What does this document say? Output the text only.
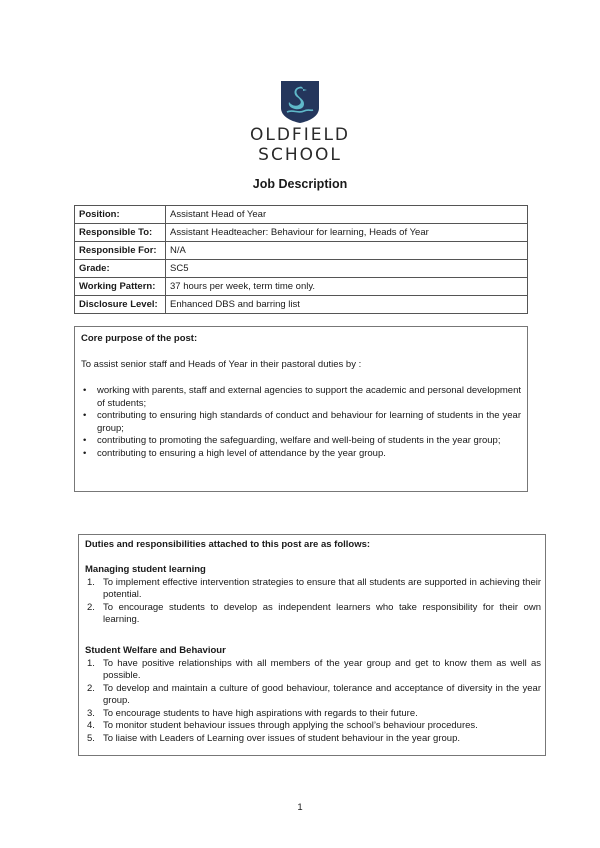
OLDFIELD
SCHOOL
Job Description
Position:	Assistant Head of Year
Responsible To:	Assistant Headteacher: Behaviour for learning, Heads of Year
Responsible For:	N/A
Grade:	SC5
Working Pattern:	37 hours per week, term time only.
Disclosure Level:	Enhanced DBS and barring list
Core purpose of the post:
To assist senior staff and Heads of Year in their pastoral duties by :
• working with parents, staff and external agencies to support the academic and personal development of students;
• contributing to ensuring high standards of conduct and behaviour for learning of students in the year group;
• contributing to promoting the safeguarding, welfare and well-being of students in the year group;
• contributing to ensuring a high level of attendance by the year group.
Duties and responsibilities attached to this post are as follows:
Managing student learning
1. To implement effective intervention strategies to ensure that all students are supported in achieving their potential.
2. To encourage students to develop as independent learners who take responsibility for their own learning.
Student Welfare and Behaviour
1. To have positive relationships with all members of the year group and get to know them as well as possible.
2. To develop and maintain a culture of good behaviour, tolerance and acceptance of diversity in the year group.
3. To encourage students to have high aspirations with regards to their future.
4. To monitor student behaviour issues through applying the school’s behaviour procedures.
5. To liaise with Leaders of Learning over issues of student behaviour in the year group.
1
